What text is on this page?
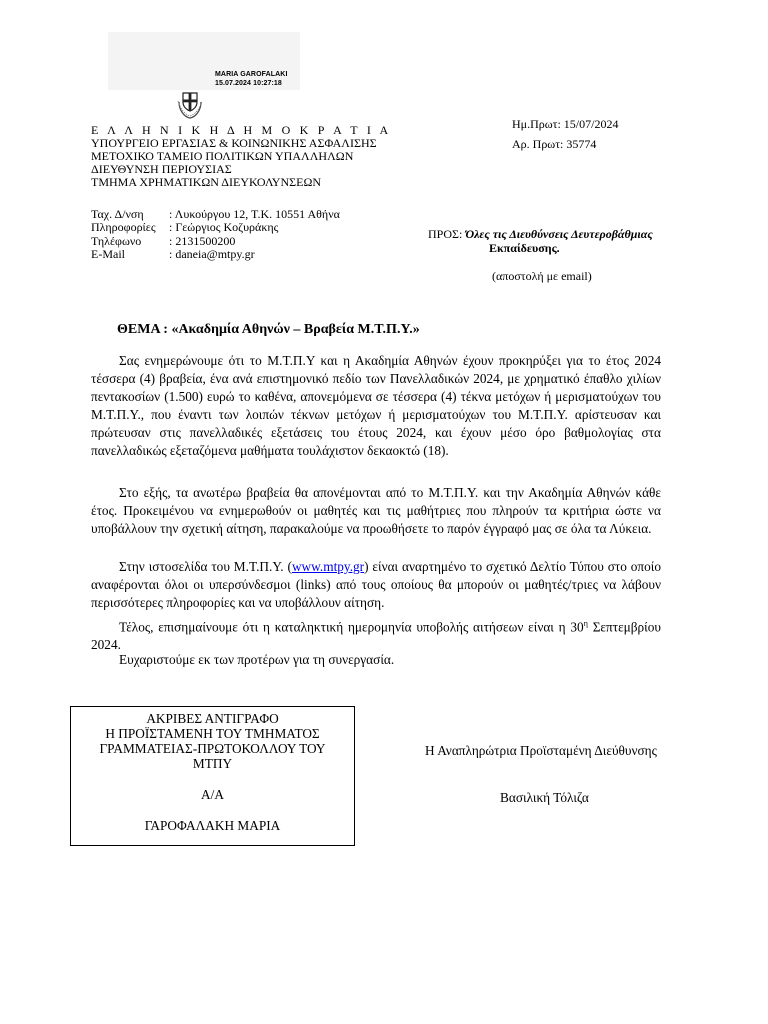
MARIA GAROFALAKI
15.07.2024 10:27:18
Ε Λ Λ Η Ν Ι Κ Η Δ Η Μ Ο Κ Ρ Α Τ Ι Α
ΥΠΟΥΡΓΕΙΟ ΕΡΓΑΣΙΑΣ & ΚΟΙΝΩΝΙΚΗΣ ΑΣΦΑΛΙΣΗΣ
ΜΕΤΟΧΙΚΟ ΤΑΜΕΙΟ ΠΟΛΙΤΙΚΩΝ ΥΠΑΛΛΗΛΩΝ
ΔΙΕΥΘΥΝΣΗ ΠΕΡΙΟΥΣΙΑΣ
ΤΜΗΜΑ ΧΡΗΜΑΤΙΚΩΝ ΔΙΕΥΚΟΛΥΝΣΕΩΝ
Ημ.Πρωτ: 15/07/2024
Αρ. Πρωτ: 35774
Ταχ. Δ/νση : Λυκούργου 12, Τ.Κ. 10551 Αθήνα
Πληροφορίες : Γεώργιος Κοζυράκης
Τηλέφωνο : 2131500200
E-Mail	: daneia@mtpy.gr
ΠΡΟΣ: Όλες τις Διευθύνσεις Δευτεροβάθμιας
Εκπαίδευσης.
(αποστολή με email)
ΘΕΜΑ : «Ακαδημία Αθηνών – Βραβεία Μ.Τ.Π.Υ.»
Σας ενημερώνουμε ότι το Μ.Τ.Π.Υ και η Ακαδημία Αθηνών έχουν προκηρύξει για το έτος 2024 τέσσερα (4) βραβεία, ένα ανά επιστημονικό πεδίο των Πανελλαδικών 2024, με χρηματικό έπαθλο χιλίων πεντακοσίων (1.500) ευρώ το καθένα, απονεμόμενα σε τέσσερα (4) τέκνα μετόχων ή μερισματούχων του Μ.Τ.Π.Υ., που έναντι των λοιπών τέκνων μετόχων ή μερισματούχων του Μ.Τ.Π.Υ. αρίστευσαν και πρώτευσαν στις πανελλαδικές εξετάσεις του έτους 2024, και έχουν μέσο όρο βαθμολογίας στα πανελλαδικώς εξεταζόμενα μαθήματα τουλάχιστον δεκαοκτώ (18).
Στο εξής, τα ανωτέρω βραβεία θα απονέμονται από το Μ.Τ.Π.Υ. και την Ακαδημία Αθηνών κάθε έτος. Προκειμένου να ενημερωθούν οι μαθητές και τις μαθήτριες που πληρούν τα κριτήρια ώστε να υποβάλλουν την σχετική αίτηση, παρακαλούμε να προωθήσετε το παρόν έγγραφό μας σε όλα τα Λύκεια.
Στην ιστοσελίδα του Μ.Τ.Π.Υ. (www.mtpy.gr) είναι αναρτημένο το σχετικό Δελτίο Τύπου στο οποίο αναφέρονται όλοι οι υπερσύνδεσμοι (links) από τους οποίους θα μπορούν οι μαθητές/τριες να λάβουν περισσότερες πληροφορίες και να υποβάλλουν αίτηση.
Τέλος, επισημαίνουμε ότι η καταληκτική ημερομηνία υποβολής αιτήσεων είναι η $30^\eta$ Σεπτεμβρίου 2024.
Ευχαριστούμε εκ των προτέρων για τη συνεργασία.
ΑΚΡΙΒΕΣ ΑΝΤΙΓΡΑΦΟ
Η ΠΡΟΪΣΤΑΜΕΝΗ ΤΟΥ ΤΜΗΜΑΤΟΣ
ΓΡΑΜΜΑΤΕΙΑΣ-ΠΡΩΤΟΚΟΛΛΟΥ ΤΟΥ
ΜΤΠΥ
Α/Α
ΓΑΡΟΦΑΛΑΚΗ ΜΑΡΙΑ
Η Αναπληρώτρια Προϊσταμένη Διεύθυνσης
Βασιλική Τόλιζα
